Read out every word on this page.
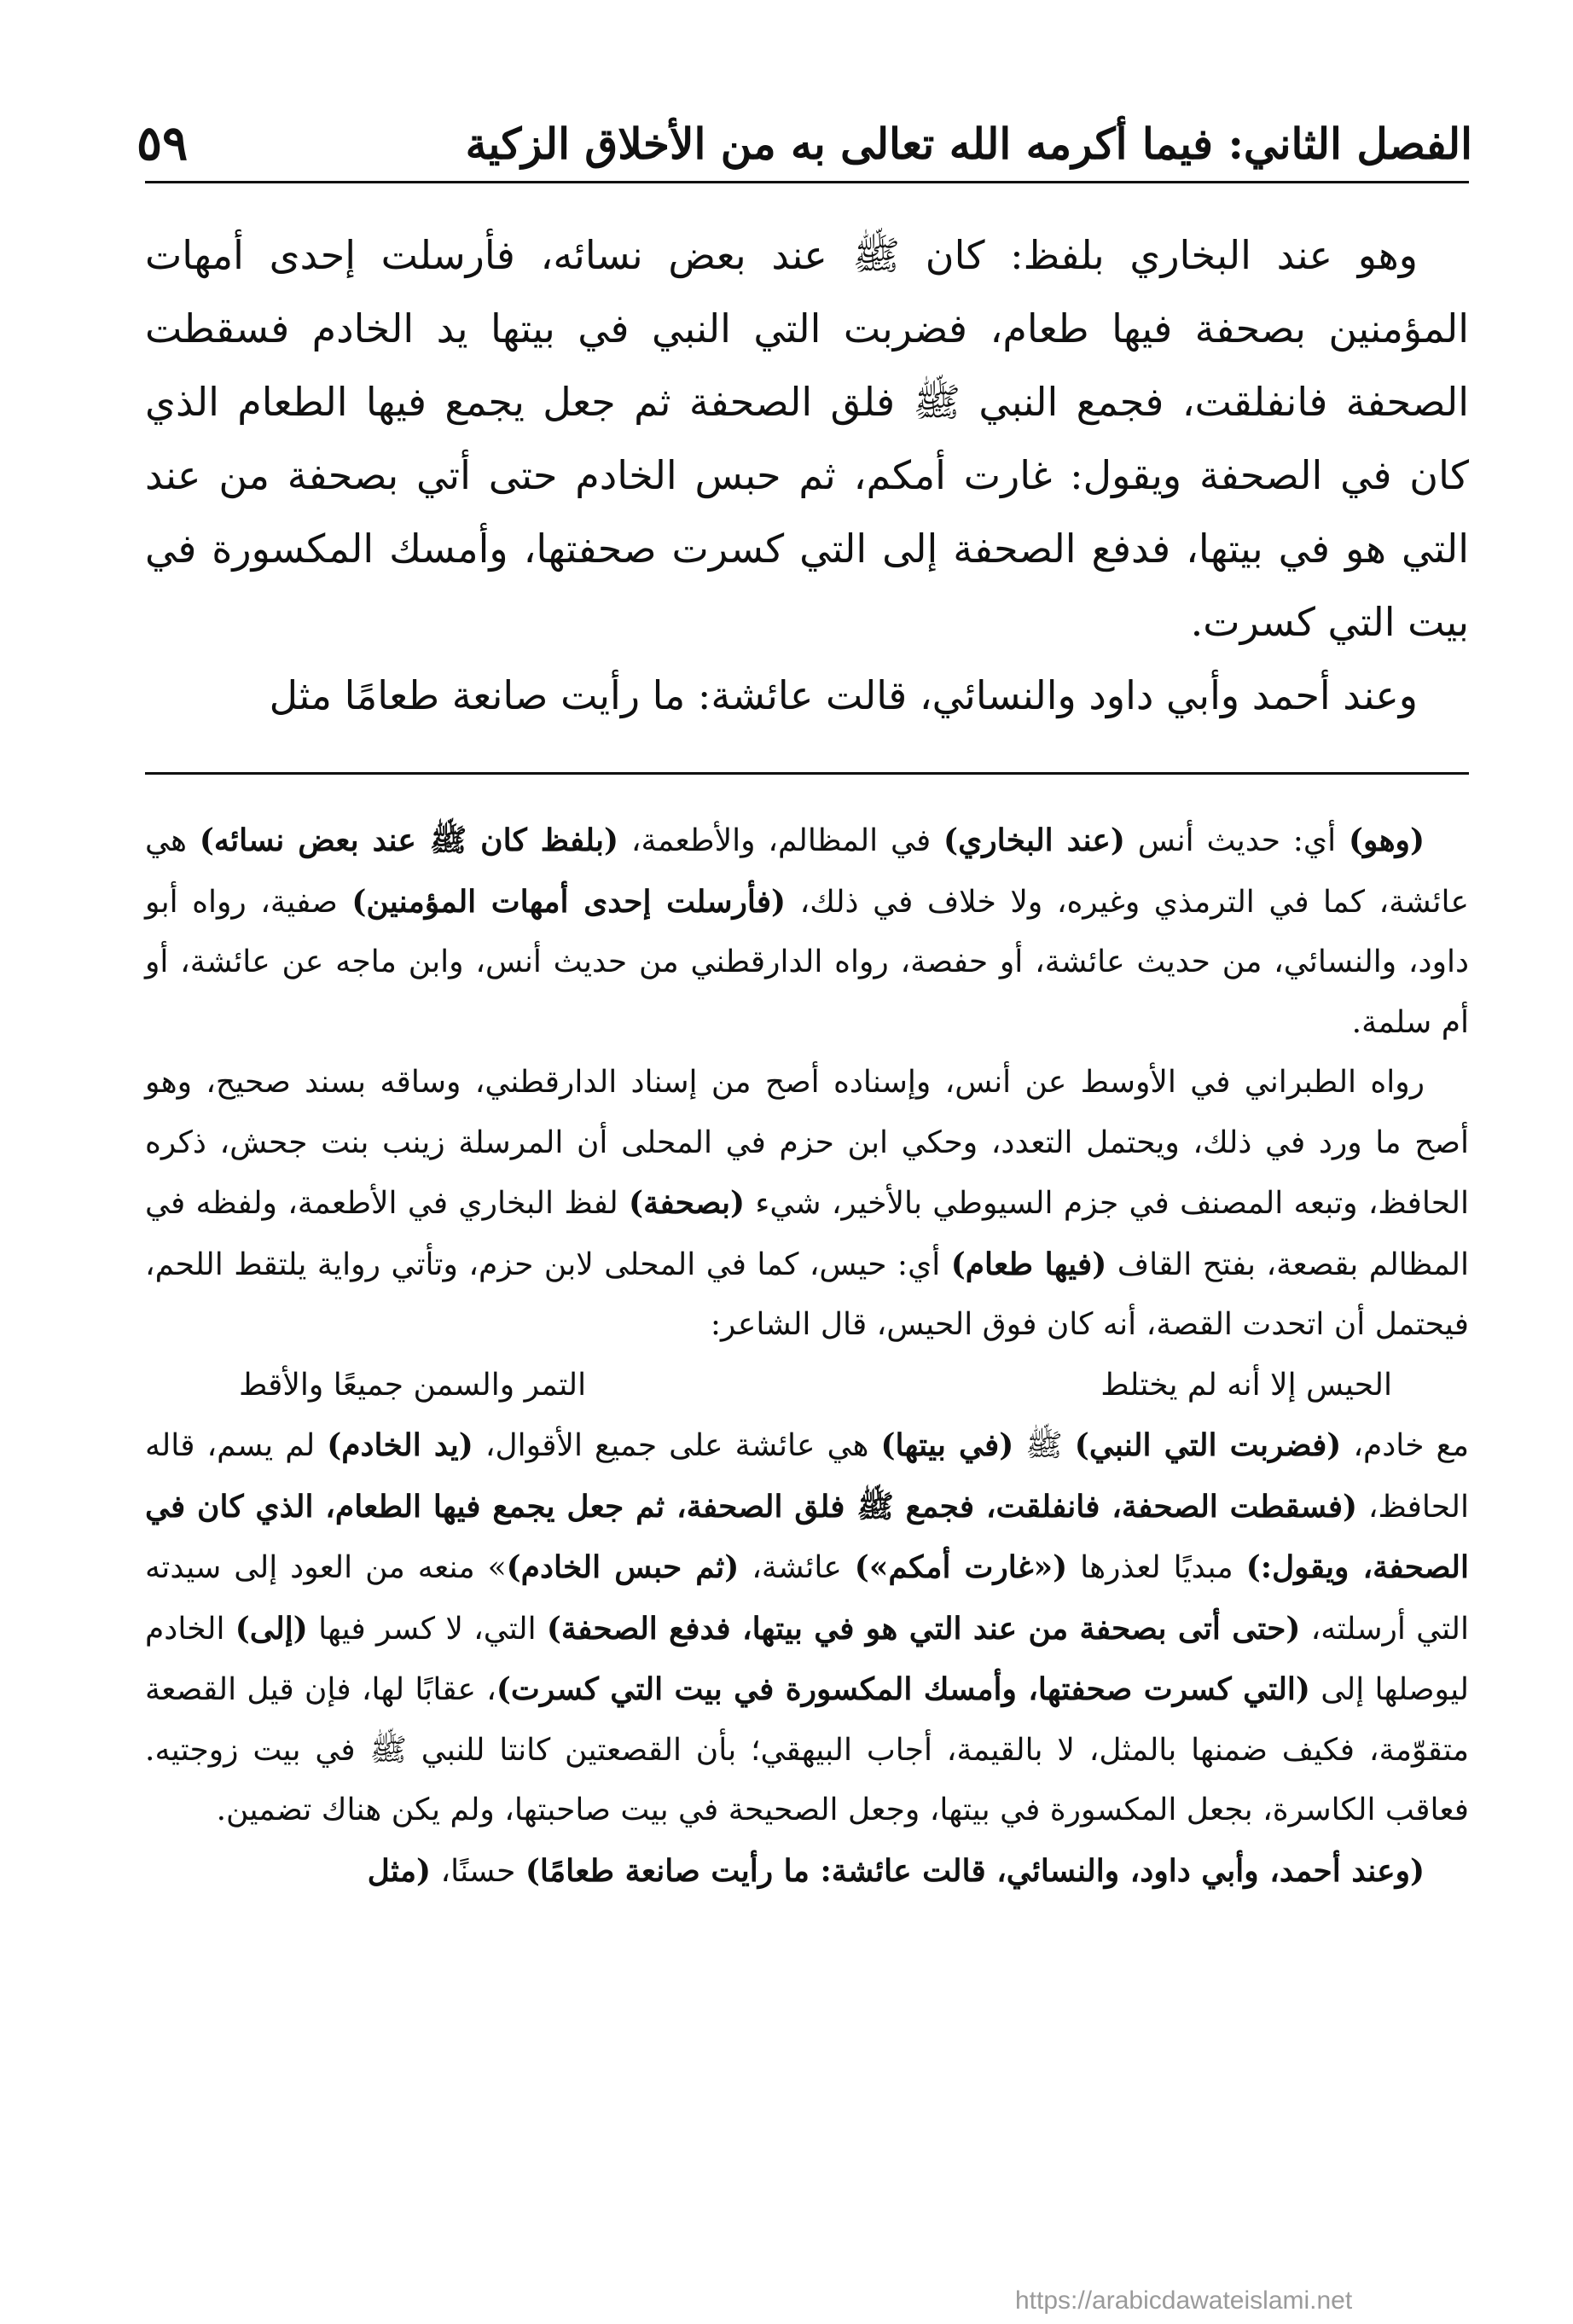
الفصل الثاني: فيما أكرمه الله تعالى به من الأخلاق الزكية
٥٩

وهو عند البخاري بلفظ: كان ﷺ عند بعض نسائه، فأرسلت إحدى أمهات المؤمنين بصحفة فيها طعام، فضربت التي النبي في بيتها يد الخادم فسقطت الصحفة فانفلقت، فجمع النبي ﷺ فلق الصحفة ثم جعل يجمع فيها الطعام الذي كان في الصحفة ويقول: غارت أمكم، ثم حبس الخادم حتى أتي بصحفة من عند التي هو في بيتها، فدفع الصحفة إلى التي كسرت صحفتها، وأمسك المكسورة في بيت التي كسرت.

وعند أحمد وأبي داود والنسائي، قالت عائشة: ما رأيت صانعة طعامًا مثل

(وهو) أي: حديث أنس (عند البخاري) في المظالم، والأطعمة، (بلفظ كان ﷺ عند بعض نسائه) هي عائشة، كما في الترمذي وغيره، ولا خلاف في ذلك، (فأرسلت إحدى أمهات المؤمنين) صفية، رواه أبو داود، والنسائي، من حديث عائشة، أو حفصة، رواه الدارقطني من حديث أنس، وابن ماجه عن عائشة، أو أم سلمة.

رواه الطبراني في الأوسط عن أنس، وإسناده أصح من إسناد الدارقطني، وساقه بسند صحيح، وهو أصح ما ورد في ذلك، ويحتمل التعدد، وحكي ابن حزم في المحلى أن المرسلة زينب بنت جحش، ذكره الحافظ، وتبعه المصنف في جزم السيوطي بالأخير، شيء (بصحفة) لفظ البخاري في الأطعمة، ولفظه في المظالم بقصعة، بفتح القاف (فيها طعام) أي: حيس، كما في المحلى لابن حزم، وتأتي رواية يلتقط اللحم، فيحتمل أن اتحدت القصة، أنه كان فوق الحيس، قال الشاعر:

التمر والسمن جميعًا والأقط	الحيس إلا أنه لم يختلط

مع خادم، (فضربت التي النبي) ﷺ (في بيتها) هي عائشة على جميع الأقوال، (يد الخادم) لم يسم، قاله الحافظ، (فسقطت الصحفة، فانفلقت، فجمع ﷺ فلق الصحفة، ثم جعل يجمع فيها الطعام، الذي كان في الصحفة، ويقول:) مبديًا لعذرها («غارت أمكم») عائشة، (ثم حبس الخادم)» منعه من العود إلى سيدته التي أرسلته، (حتى أتى بصحفة من عند التي هو في بيتها، فدفع الصحفة) التي، لا كسر فيها (إلى) الخادم ليوصلها إلى (التي كسرت صحفتها، وأمسك المكسورة في بيت التي كسرت)، عقابًا لها، فإن قيل القصعة متقوّمة، فكيف ضمنها بالمثل، لا بالقيمة، أجاب البيهقي؛ بأن القصعتين كانتا للنبي ﷺ في بيت زوجتيه. فعاقب الكاسرة، بجعل المكسورة في بيتها، وجعل الصحيحة في بيت صاحبتها، ولم يكن هناك تضمين.

(وعند أحمد، وأبي داود، والنسائي، قالت عائشة: ما رأيت صانعة طعامًا) حسنًا، (مثل

https://arabicdawateislami.net
